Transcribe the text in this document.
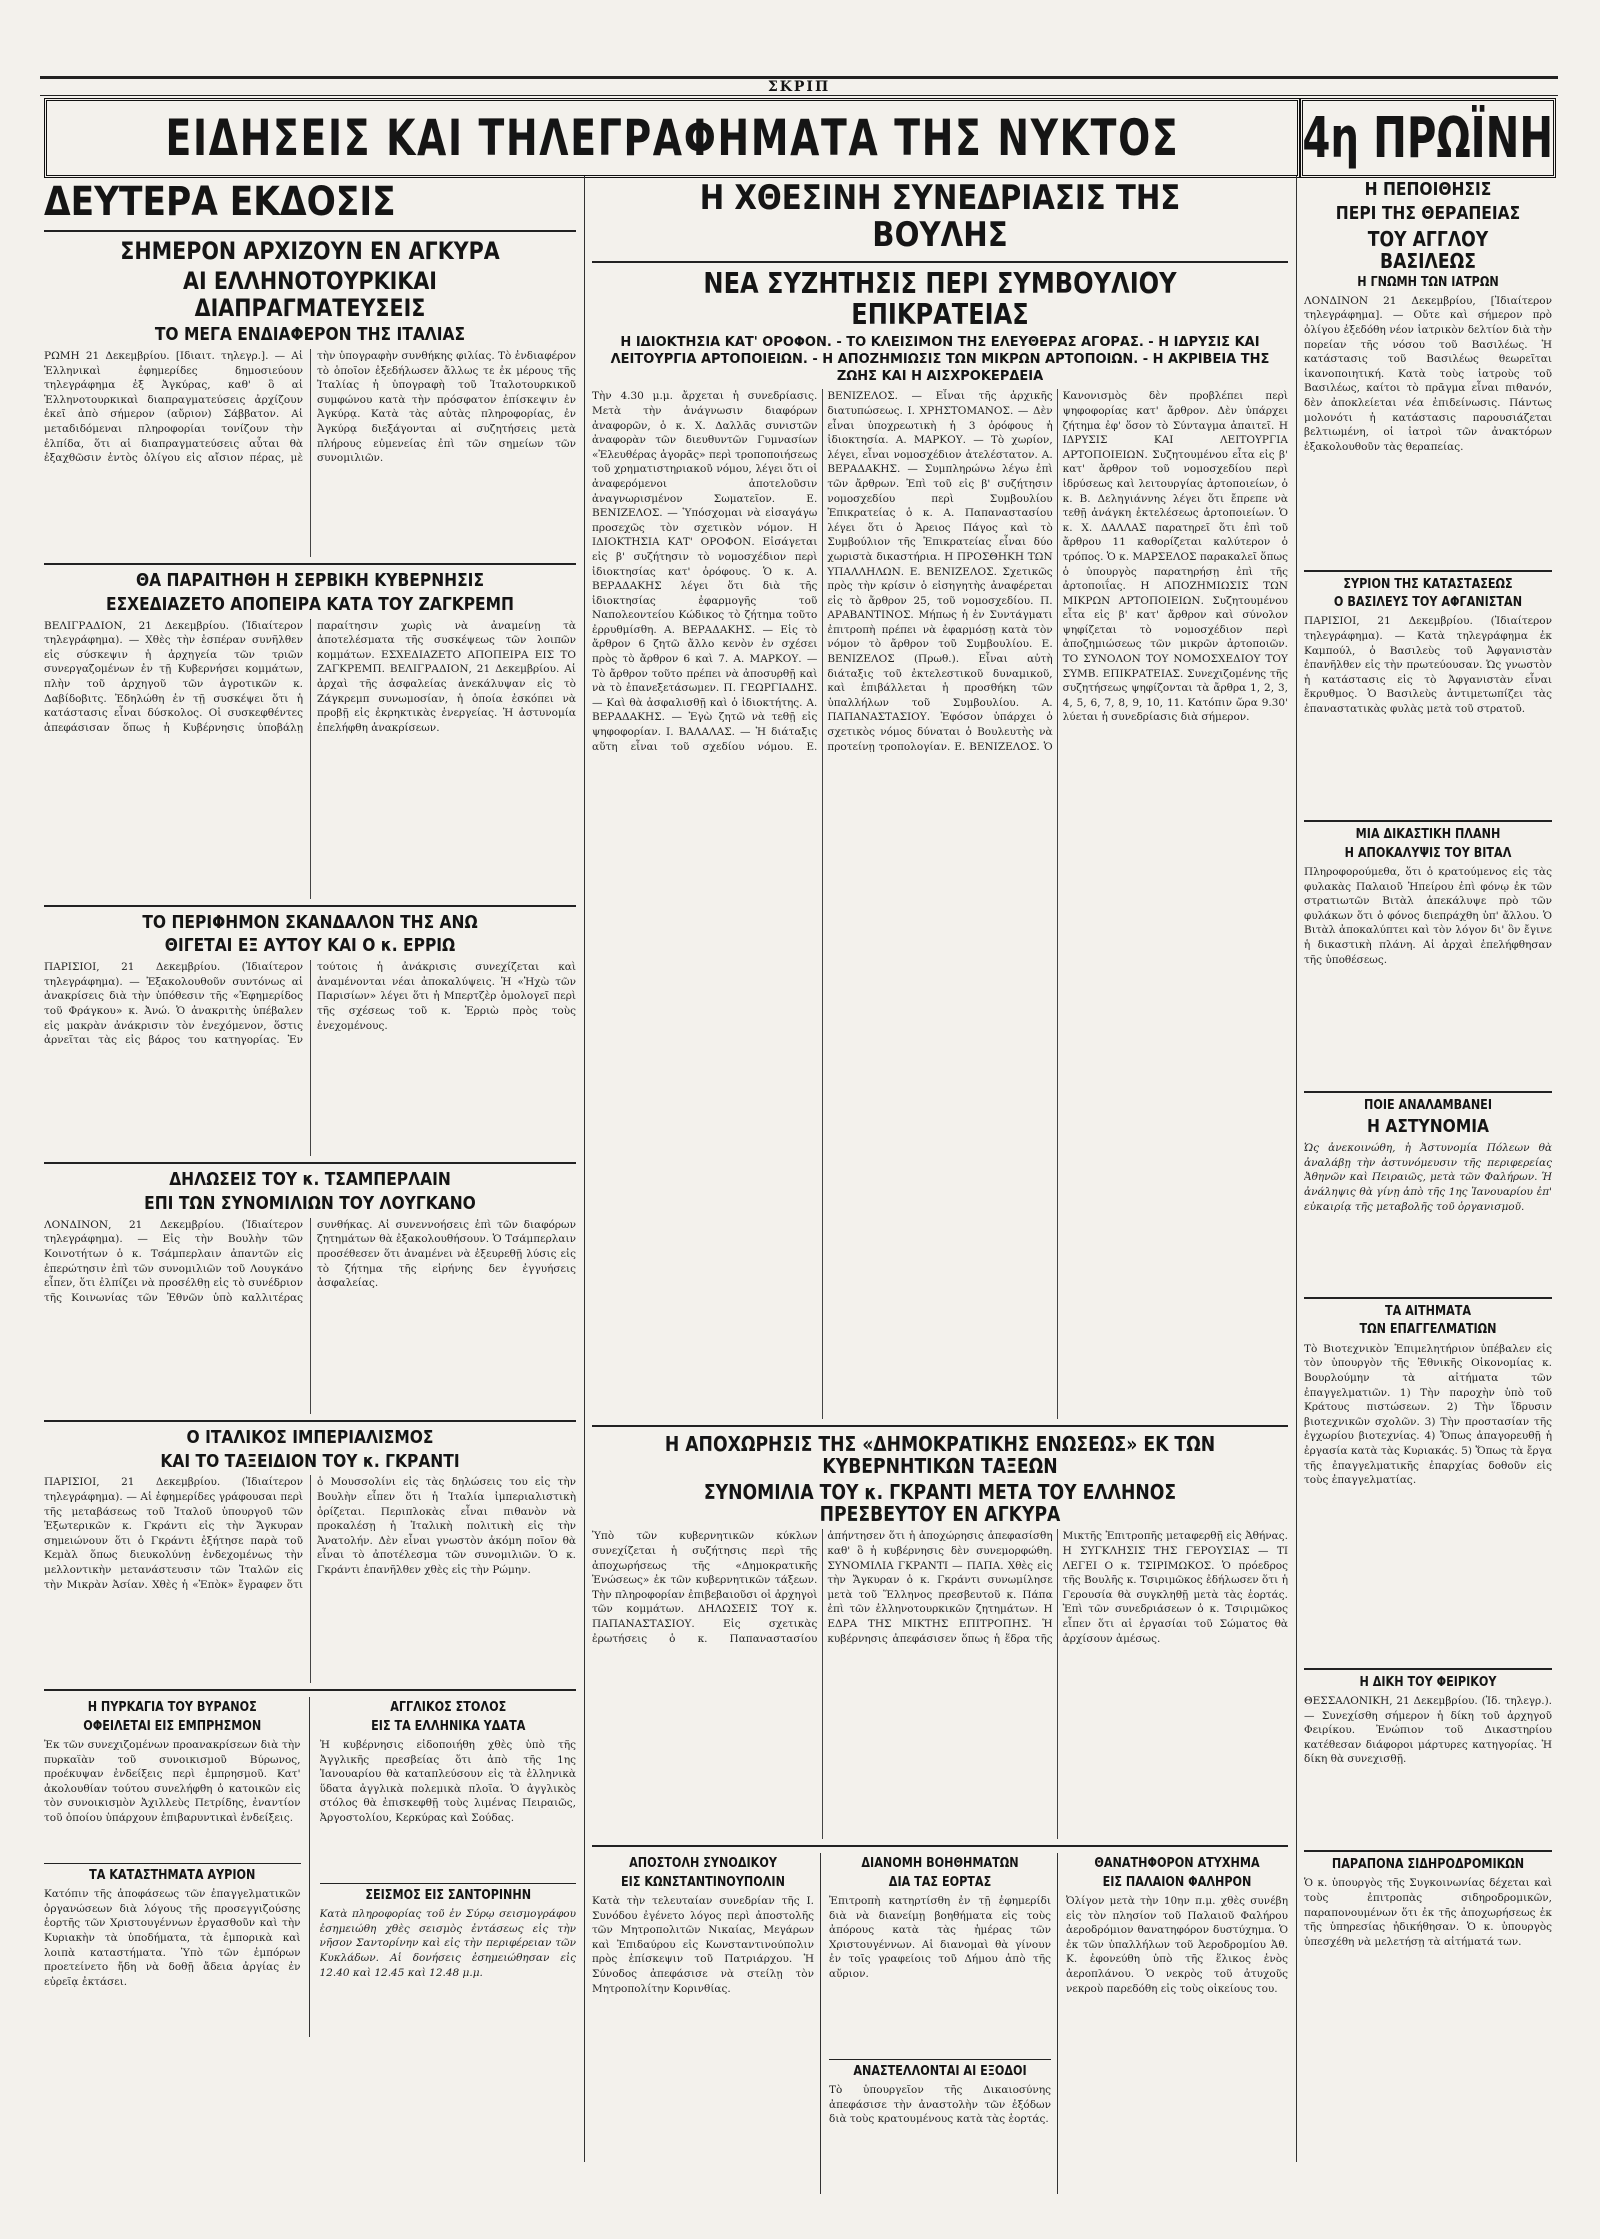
ΣΚΡΙΠ
ΕΙΔΗΣΕΙΣ ΚΑΙ ΤΗΛΕΓΡΑΦΗΜΑΤΑ ΤΗΣ ΝΥΚΤΟΣ 4η ΠΡΩΪΝΗ
ΔΕΥΤΕΡΑ ΕΚΔΟΣΙΣ
ΣΗΜΕΡΟΝ ΑΡΧΙΖΟΥΝ ΕΝ ΑΓΚΥΡΑ
ΑΙ ΕΛΛΗΝΟΤΟΥΡΚΙΚΑΙ ΔΙΑΠΡΑΓΜΑΤΕΥΣΕΙΣ
ΤΟ ΜΕΓΑ ΕΝΔΙΑΦΕΡΟΝ ΤΗΣ ΙΤΑΛΙΑΣ
ΡΩΜΗ 21 Δεκεμβρίου. [Ιδιαιτ. τηλεγρ.]. — Αἱ Ἑλληνικαὶ ἐφημερίδες δημοσιεύουν τηλεγράφημα ἐξ Ἀγκύρας, καθ' ὃ αἱ Ἑλληνοτουρκικαὶ διαπραγματεύσεις ἀρχίζουν ἐκεῖ ἀπὸ σήμερον (αὔριον) Σάββατον. Αἱ μεταδιδόμεναι πληροφορίαι τονίζουν τὴν ἐλπίδα, ὅτι αἱ διαπραγματεύσεις αὗται θὰ ἐξαχθῶσιν ἐντὸς ὀλίγου εἰς αἴσιον πέρας, μὲ τὴν ὑπογραφὴν συνθήκης φιλίας. Τὸ ἐνδιαφέρον τὸ ὁποῖον ἐξεδήλωσεν ἄλλως τε ἐκ μέρους τῆς Ἰταλίας ἡ ὑπογραφὴ τοῦ Ἰταλοτουρκικοῦ συμφώνου κατὰ τὴν πρόσφατον ἐπίσκεψιν ἐν Ἀγκύρᾳ. Κατὰ τὰς αὐτὰς πληροφορίας, ἐν Ἀγκύρᾳ διεξάγονται αἱ συζητήσεις μετὰ πλήρους εὐμενείας ἐπὶ τῶν σημείων τῶν συνομιλιῶν.
ΘΑ ΠΑΡΑΙΤΗΘΗ Η ΣΕΡΒΙΚΗ ΚΥΒΕΡΝΗΣΙΣ
ΕΣΧΕΔΙΑΖΕΤΟ ΑΠΟΠΕΙΡΑ ΚΑΤΑ ΤΟΥ ΖΑΓΚΡΕΜΠ
ΒΕΛΙΓΡΑΔΙΟΝ, 21 Δεκεμβρίου. (Ἰδιαίτερον τηλεγράφημα). — Χθὲς τὴν ἑσπέραν συνῆλθεν εἰς σύσκεψιν ἡ ἀρχηγεία τῶν τριῶν συνεργαζομένων ἐν τῇ Κυβερνήσει κομμάτων, πλὴν τοῦ ἀρχηγοῦ τῶν ἀγροτικῶν κ. Δαβίδοβιτς. Ἐδηλώθη ἐν τῇ συσκέψει ὅτι ἡ κατάστασις εἶναι δύσκολος. Οἱ συσκεφθέντες ἀπεφάσισαν ὅπως ἡ Κυβέρνησις ὑποβάλῃ παραίτησιν χωρὶς νὰ ἀναμείνῃ τὰ ἀποτελέσματα τῆς συσκέψεως τῶν λοιπῶν κομμάτων. ΕΣΧΕΔΙΑΖΕΤΟ ΑΠΟΠΕΙΡΑ ΕΙΣ ΤΟ ΖΑΓΚΡΕΜΠ. ΒΕΛΙΓΡΑΔΙΟΝ, 21 Δεκεμβρίου. Αἱ ἀρχαὶ τῆς ἀσφαλείας ἀνεκάλυψαν εἰς τὸ Ζάγκρεμπ συνωμοσίαν, ἡ ὁποία ἐσκόπει νὰ προβῇ εἰς ἐκρηκτικὰς ἐνεργείας. Ἡ ἀστυνομία ἐπελήφθη ἀνακρίσεων.
ΤΟ ΠΕΡΙΦΗΜΟΝ ΣΚΑΝΔΑΛΟΝ ΤΗΣ ΑΝΩ
ΘΙΓΕΤΑΙ ΕΞ ΑΥΤΟΥ ΚΑΙ Ο κ. ΕΡΡΙΩ
ΠΑΡΙΣΙΟΙ, 21 Δεκεμβρίου. (Ἰδιαίτερον τηλεγράφημα). — Ἐξακολουθοῦν συντόνως αἱ ἀνακρίσεις διὰ τὴν ὑπόθεσιν τῆς «Ἐφημερίδος τοῦ Φράγκου» κ. Ἀνώ. Ὁ ἀνακριτὴς ὑπέβαλεν εἰς μακρὰν ἀνάκρισιν τὸν ἐνεχόμενον, ὅστις ἀρνεῖται τὰς εἰς βάρος του κατηγορίας. Ἐν τούτοις ἡ ἀνάκρισις συνεχίζεται καὶ ἀναμένονται νέαι ἀποκαλύψεις. Ἡ «Ἡχὼ τῶν Παρισίων» λέγει ὅτι ἡ Μπερτζὲρ ὁμολογεῖ περὶ τῆς σχέσεως τοῦ κ. Ἐρριὼ πρὸς τοὺς ἐνεχομένους.
ΔΗΛΩΣΕΙΣ ΤΟΥ κ. ΤΣΑΜΠΕΡΛΑΙΝ
ΕΠΙ ΤΩΝ ΣΥΝΟΜΙΛΙΩΝ ΤΟΥ ΛΟΥΓΚΑΝΟ
ΛΟΝΔΙΝΟΝ, 21 Δεκεμβρίου. (Ἰδιαίτερον τηλεγράφημα). — Εἰς τὴν Βουλὴν τῶν Κοινοτήτων ὁ κ. Τσάμπερλαιν ἀπαντῶν εἰς ἐπερώτησιν ἐπὶ τῶν συνομιλιῶν τοῦ Λουγκάνο εἶπεν, ὅτι ἐλπίζει νὰ προσέλθῃ εἰς τὸ συνέδριον τῆς Κοινωνίας τῶν Ἐθνῶν ὑπὸ καλλιτέρας συνθήκας. Αἱ συνεννοήσεις ἐπὶ τῶν διαφόρων ζητημάτων θὰ ἐξακολουθήσουν. Ὁ Τσάμπερλαιν προσέθεσεν ὅτι ἀναμένει νὰ ἐξευρεθῇ λύσις εἰς τὸ ζήτημα τῆς εἰρήνης δεν ἐγγυήσεις ἀσφαλείας.
Ο ΙΤΑΛΙΚΟΣ ΙΜΠΕΡΙΑΛΙΣΜΟΣ
ΚΑΙ ΤΟ ΤΑΞΕΙΔΙΟΝ ΤΟΥ κ. ΓΚΡΑΝΤΙ
ΠΑΡΙΣΙΟΙ, 21 Δεκεμβρίου. (Ἰδιαίτερον τηλεγράφημα). — Αἱ ἐφημερίδες γράφουσαι περὶ τῆς μεταβάσεως τοῦ Ἰταλοῦ ὑπουργοῦ τῶν Ἐξωτερικῶν κ. Γκράντι εἰς τὴν Ἄγκυραν σημειώνουν ὅτι ὁ Γκράντι ἐξήτησε παρὰ τοῦ Κεμὰλ ὅπως διευκολύνῃ ἐνδεχομένως τὴν μελλοντικὴν μετανάστευσιν τῶν Ἰταλῶν εἰς τὴν Μικρὰν Ἀσίαν. Χθὲς ἡ «Ἐπὸκ» ἔγραφεν ὅτι ὁ Μουσσολίνι εἰς τὰς δηλώσεις του εἰς τὴν Βουλὴν εἶπεν ὅτι ἡ Ἰταλία ἰμπεριαλιστικὴ ὁρίζεται. Περιπλοκὰς εἶναι πιθανὸν νὰ προκαλέσῃ ἡ Ἰταλικὴ πολιτικὴ εἰς τὴν Ἀνατολήν. Δὲν εἶναι γνωστὸν ἀκόμη ποῖον θὰ εἶναι τὸ ἀποτέλεσμα τῶν συνομιλιῶν. Ὁ κ. Γκράντι ἐπανῆλθεν χθὲς εἰς τὴν Ρώμην.
Η ΠΥΡΚΑΓΙΑ ΤΟΥ ΒΥΡΑΝΟΣ
ΟΦΕΙΛΕΤΑΙ ΕΙΣ ΕΜΠΡΗΣΜΟΝ
Ἐκ τῶν συνεχιζομένων προανακρίσεων διὰ τὴν πυρκαϊὰν τοῦ συνοικισμοῦ Βύρωνος, προέκυψαν ἐνδείξεις περὶ ἐμπρησμοῦ. Κατ' ἀκολουθίαν τούτου συνελήφθη ὁ κατοικῶν εἰς τὸν συνοικισμὸν Ἀχιλλεὺς Πετρίδης, ἐναντίον τοῦ ὁποίου ὑπάρχουν ἐπιβαρυντικαὶ ἐνδείξεις.
ΤΑ ΚΑΤΑΣΤΗΜΑΤΑ ΑΥΡΙΟΝ
Κατόπιν τῆς ἀποφάσεως τῶν ἐπαγγελματικῶν ὀργανώσεων διὰ λόγους τῆς προσεγγιζούσης ἑορτῆς τῶν Χριστουγέννων ἐργασθοῦν καὶ τὴν Κυριακὴν τὰ ὑποδήματα, τὰ ἐμπορικὰ καὶ λοιπὰ καταστήματα. Ὑπὸ τῶν ἐμπόρων προετείνετο ἤδη νὰ δοθῇ ἄδεια ἀργίας ἐν εὐρεῖᾳ ἐκτάσει.
ΑΓΓΛΙΚΟΣ ΣΤΟΛΟΣ
ΕΙΣ ΤΑ ΕΛΛΗΝΙΚΑ ΥΔΑΤΑ
Ἡ κυβέρνησις εἰδοποιήθη χθὲς ὑπὸ τῆς Ἀγγλικῆς πρεσβείας ὅτι ἀπὸ τῆς 1ης Ἰανουαρίου θὰ καταπλεύσουν εἰς τὰ ἑλληνικὰ ὕδατα ἀγγλικὰ πολεμικὰ πλοῖα. Ὁ ἀγγλικὸς στόλος θὰ ἐπισκεφθῇ τοὺς λιμένας Πειραιῶς, Ἀργοστολίου, Κερκύρας καὶ Σούδας.
ΣΕΙΣΜΟΣ ΕΙΣ ΣΑΝΤΟΡΙΝΗΝ
Κατὰ πληροφορίας τοῦ ἐν Σύρῳ σεισμογράφου ἐσημειώθη χθὲς σεισμὸς ἐντάσεως εἰς τὴν νῆσον Σαντορίνην καὶ εἰς τὴν περιφέρειαν τῶν Κυκλάδων. Αἱ δονήσεις ἐσημειώθησαν εἰς 12.40 καὶ 12.45 καὶ 12.48 μ.μ.
Η ΧΘΕΣΙΝΗ ΣΥΝΕΔΡΙΑΣΙΣ ΤΗΣ ΒΟΥΛΗΣ
ΝΕΑ ΣΥΖΗΤΗΣΙΣ ΠΕΡΙ ΣΥΜΒΟΥΛΙΟΥ ΕΠΙΚΡΑΤΕΙΑΣ
Η ΙΔΙΟΚΤΗΣΙΑ ΚΑΤ' ΟΡΟΦΟΝ. - ΤΟ ΚΛΕΙΣΙΜΟΝ ΤΗΣ ΕΛΕΥΘΕΡΑΣ ΑΓΟΡΑΣ. - Η ΙΔΡΥΣΙΣ ΚΑΙ ΛΕΙΤΟΥΡΓΙΑ ΑΡΤΟΠΟΙΕΙΩΝ. - Η ΑΠΟΖΗΜΙΩΣΙΣ ΤΩΝ ΜΙΚΡΩΝ ΑΡΤΟΠΟΙΩΝ. - Η ΑΚΡΙΒΕΙΑ ΤΗΣ ΖΩΗΣ ΚΑΙ Η ΑΙΣΧΡΟΚΕΡΔΕΙΑ
Τὴν 4.30 μ.μ. ἄρχεται ἡ συνεδρίασις. Μετὰ τὴν ἀνάγνωσιν διαφόρων ἀναφορῶν, ὁ κ. Χ. Δαλλᾶς συνιστῶν ἀναφορὰν τῶν διευθυντῶν Γυμνασίων «Ἐλευθέρας ἀγορᾶς» περὶ τροποποιήσεως τοῦ χρηματιστηριακοῦ νόμου, λέγει ὅτι οἱ ἀναφερόμενοι ἀποτελοῦσιν ἀναγνωρισμένον Σωματεῖον. Ε. ΒΕΝΙΖΕΛΟΣ. — Ὑπόσχομαι νὰ εἰσαγάγω προσεχῶς τὸν σχετικὸν νόμον. Η ΙΔΙΟΚΤΗΣΙΑ ΚΑΤ' ΟΡΟΦΟΝ. Εἰσάγεται εἰς β' συζήτησιν τὸ νομοσχέδιον περὶ ἰδιοκτησίας κατ' ὀρόφους. Ὁ κ. Α. ΒΕΡΑΔΑΚΗΣ λέγει ὅτι διὰ τῆς ἰδιοκτησίας ἐφαρμογῆς τοῦ Ναπολεοντείου Κώδικος τὸ ζήτημα τοῦτο ἐρρυθμίσθη. Α. ΒΕΡΑΔΑΚΗΣ. — Εἰς τὸ ἄρθρον 6 ζητῶ ἄλλο κενὸν ἐν σχέσει πρὸς τὸ ἄρθρον 6 καὶ 7. Α. ΜΑΡΚΟΥ. — Τὸ ἄρθρον τοῦτο πρέπει νὰ ἀποσυρθῇ καὶ νὰ τὸ ἐπανεξετάσωμεν. Π. ΓΕΩΡΓΙΑΔΗΣ. — Καὶ θὰ ἀσφαλισθῇ καὶ ὁ ἰδιοκτήτης. Α. ΒΕΡΑΔΑΚΗΣ. — Ἐγὼ ζητῶ νὰ τεθῇ εἰς ψηφοφορίαν. Ι. ΒΑΛΑΛΑΣ. — Ἡ διάταξις αὕτη εἶναι τοῦ σχεδίου νόμου. Ε. ΒΕΝΙΖΕΛΟΣ. — Εἶναι τῆς ἀρχικῆς διατυπώσεως. Ι. ΧΡΗΣΤΟΜΑΝΟΣ. — Δὲν εἶναι ὑποχρεωτικὴ ἡ 3 ὀρόφους ἡ ἰδιοκτησία. Α. ΜΑΡΚΟΥ. — Τὸ χωρίον, λέγει, εἶναι νομοσχέδιον ἀτελέστατον. Α. ΒΕΡΑΔΑΚΗΣ. — Συμπληρώνω λέγω ἐπὶ τῶν ἄρθρων. Ἐπὶ τοῦ εἰς β' συζήτησιν νομοσχεδίου περὶ Συμβουλίου Ἐπικρατείας ὁ κ. Α. Παπαναστασίου λέγει ὅτι ὁ Ἀρειος Πάγος καὶ τὸ Συμβούλιον τῆς Ἐπικρατείας εἶναι δύο χωριστὰ δικαστήρια. Η ΠΡΟΣΘΗΚΗ ΤΩΝ ΥΠΑΛΛΗΛΩΝ. Ε. ΒΕΝΙΖΕΛΟΣ. Σχετικῶς πρὸς τὴν κρίσιν ὁ εἰσηγητὴς ἀναφέρεται εἰς τὸ ἄρθρον 25, τοῦ νομοσχεδίου. Π. ΑΡΑΒΑΝΤΙΝΟΣ. Μήπως ἡ ἐν Συντάγματι ἐπιτροπὴ πρέπει νὰ ἐφαρμόσῃ κατὰ τὸν νόμον τὸ ἄρθρον τοῦ Συμβουλίου. Ε. ΒΕΝΙΖΕΛΟΣ (Πρωθ.). Εἶναι αὐτὴ διάταξις τοῦ ἐκτελεστικοῦ δυναμικοῦ, καὶ ἐπιβάλλεται ἡ προσθήκη τῶν ὑπαλλήλων τοῦ Συμβουλίου. Α. ΠΑΠΑΝΑΣΤΑΣΙΟΥ. Ἐφόσον ὑπάρχει ὁ σχετικὸς νόμος δύναται ὁ Βουλευτὴς νὰ προτείνῃ τροπολογίαν. Ε. ΒΕΝΙΖΕΛΟΣ. Ὁ Κανονισμὸς δὲν προβλέπει περὶ ψηφοφορίας κατ' ἄρθρον. Δὲν ὑπάρχει ζήτημα ἐφ' ὅσον τὸ Σύνταγμα ἀπαιτεῖ. Η ΙΔΡΥΣΙΣ ΚΑΙ ΛΕΙΤΟΥΡΓΙΑ ΑΡΤΟΠΟΙΕΙΩΝ. Συζητουμένου εἶτα εἰς β' κατ' ἄρθρον τοῦ νομοσχεδίου περὶ ἱδρύσεως καὶ λειτουργίας ἀρτοποιείων, ὁ κ. Β. Δεληγιάννης λέγει ὅτι ἔπρεπε νὰ τεθῇ ἀνάγκη ἐκτελέσεως ἀρτοποιείων. Ὁ κ. Χ. ΔΑΛΛΑΣ παρατηρεῖ ὅτι ἐπὶ τοῦ ἄρθρου 11 καθορίζεται καλύτερον ὁ τρόπος. Ὁ κ. ΜΑΡΣΕΛΟΣ παρακαλεῖ ὅπως ὁ ὑπουργὸς παρατηρήσῃ ἐπὶ τῆς ἀρτοποιΐας. Η ΑΠΟΖΗΜΙΩΣΙΣ ΤΩΝ ΜΙΚΡΩΝ ΑΡΤΟΠΟΙΕΙΩΝ. Συζητουμένου εἶτα εἰς β' κατ' ἄρθρον καὶ σύνολον ψηφίζεται τὸ νομοσχέδιον περὶ ἀποζημιώσεως τῶν μικρῶν ἀρτοποιῶν. ΤΟ ΣΥΝΟΛΟΝ ΤΟΥ ΝΟΜΟΣΧΕΔΙΟΥ ΤΟΥ ΣΥΜΒ. ΕΠΙΚΡΑΤΕΙΑΣ. Συνεχιζομένης τῆς συζητήσεως ψηφίζονται τὰ ἄρθρα 1, 2, 3, 4, 5, 6, 7, 8, 9, 10, 11. Κατόπιν ὥρα 9.30' λύεται ἡ συνεδρίασις διὰ σήμερον.
Η ΑΠΟΧΩΡΗΣΙΣ ΤΗΣ «ΔΗΜΟΚΡΑΤΙΚΗΣ ΕΝΩΣΕΩΣ» ΕΚ ΤΩΝ ΚΥΒΕΡΝΗΤΙΚΩΝ ΤΑΞΕΩΝ
ΣΥΝΟΜΙΛΙΑ ΤΟΥ κ. ΓΚΡΑΝΤΙ ΜΕΤΑ ΤΟΥ ΕΛΛΗΝΟΣ ΠΡΕΣΒΕΥΤΟΥ ΕΝ ΑΓΚΥΡΑ
Ὑπὸ τῶν κυβερνητικῶν κύκλων συνεχίζεται ἡ συζήτησις περὶ τῆς ἀποχωρήσεως τῆς «Δημοκρατικῆς Ἑνώσεως» ἐκ τῶν κυβερνητικῶν τάξεων. Τὴν πληροφορίαν ἐπιβεβαιοῦσι οἱ ἀρχηγοὶ τῶν κομμάτων. ΔΗΛΩΣΕΙΣ ΤΟΥ κ. ΠΑΠΑΝΑΣΤΑΣΙΟΥ. Εἰς σχετικὰς ἐρωτήσεις ὁ κ. Παπαναστασίου ἀπήντησεν ὅτι ἡ ἀποχώρησις ἀπεφασίσθη καθ' ὃ ἡ κυβέρνησις δὲν συνεμορφώθη. ΣΥΝΟΜΙΛΙΑ ΓΚΡΑΝΤΙ — ΠΑΠΑ. Χθὲς εἰς τὴν Ἄγκυραν ὁ κ. Γκράντι συνωμίλησε μετὰ τοῦ Ἕλληνος πρεσβευτοῦ κ. Πάπα ἐπὶ τῶν ἐλληνοτουρκικῶν ζητημάτων. Η ΕΔΡΑ ΤΗΣ ΜΙΚΤΗΣ ΕΠΙΤΡΟΠΗΣ. Ἡ κυβέρνησις ἀπεφάσισεν ὅπως ἡ ἕδρα τῆς Μικτῆς Ἐπιτροπῆς μεταφερθῇ εἰς Ἀθήνας. Η ΣΥΓΚΛΗΣΙΣ ΤΗΣ ΓΕΡΟΥΣΙΑΣ — ΤΙ ΛΕΓΕΙ Ο κ. ΤΣΙΡΙΜΩΚΟΣ. Ὁ πρόεδρος τῆς Βουλῆς κ. Τσιριμῶκος ἐδήλωσεν ὅτι ἡ Γερουσία θὰ συγκληθῇ μετὰ τὰς ἑορτάς. Ἐπὶ τῶν συνεδριάσεων ὁ κ. Τσιριμῶκος εἶπεν ὅτι αἱ ἐργασίαι τοῦ Σώματος θὰ ἀρχίσουν ἀμέσως.
ΑΠΟΣΤΟΛΗ ΣΥΝΟΔΙΚΟΥ
ΕΙΣ ΚΩΝΣΤΑΝΤΙΝΟΥΠΟΛΙΝ
Κατὰ τὴν τελευταίαν συνεδρίαν τῆς Ι. Συνόδου ἐγένετο λόγος περὶ ἀποστολῆς τῶν Μητροπολιτῶν Νικαίας, Μεγάρων καὶ Ἐπιδαύρου εἰς Κωνσταντινούπολιν πρὸς ἐπίσκεψιν τοῦ Πατριάρχου. Ἡ Σύνοδος ἀπεφάσισε νὰ στείλῃ τὸν Μητροπολίτην Κορινθίας.
ΔΙΑΝΟΜΗ ΒΟΗΘΗΜΑΤΩΝ
ΔΙΑ ΤΑΣ ΕΟΡΤΑΣ
Ἐπιτροπὴ κατηρτίσθη ἐν τῇ ἐφημερίδι διὰ νὰ διανείμῃ βοηθήματα εἰς τοὺς ἀπόρους κατὰ τὰς ἡμέρας τῶν Χριστουγέννων. Αἱ διανομαὶ θὰ γίνουν ἐν τοῖς γραφείοις τοῦ Δήμου ἀπὸ τῆς αὔριον.
ΑΝΑΣΤΕΛΛΟΝΤΑΙ ΑΙ ΕΞΟΔΟΙ
Τὸ ὑπουργεῖον τῆς Δικαιοσύνης ἀπεφάσισε τὴν ἀναστολὴν τῶν ἐξόδων διὰ τοὺς κρατουμένους κατὰ τὰς ἑορτάς.
ΘΑΝΑΤΗΦΟΡΟΝ ΑΤΥΧΗΜΑ
ΕΙΣ ΠΑΛΑΙΟΝ ΦΑΛΗΡΟΝ
Ὀλίγον μετὰ τὴν 10ην π.μ. χθὲς συνέβη εἰς τὸν πλησίον τοῦ Παλαιοῦ Φαλήρου ἀεροδρόμιον θανατηφόρον δυστύχημα. Ὁ ἐκ τῶν ὑπαλλήλων τοῦ Ἀεροδρομίου Ἀθ. Κ. ἐφονεύθη ὑπὸ τῆς ἕλικος ἑνὸς ἀεροπλάνου. Ὁ νεκρὸς τοῦ ἀτυχοῦς νεκροὺ παρεδόθη εἰς τοὺς οἰκείους του.
Η ΠΕΠΟΙΘΗΣΙΣ
ΠΕΡΙ ΤΗΣ ΘΕΡΑΠΕΙΑΣ
ΤΟΥ ΑΓΓΛΟΥ ΒΑΣΙΛΕΩΣ
Η ΓΝΩΜΗ ΤΩΝ ΙΑΤΡΩΝ
ΛΟΝΔΙΝΟΝ 21 Δεκεμβρίου, [Ἰδιαίτερον τηλεγράφημα]. — Οὔτε καὶ σήμερον πρὸ ὀλίγου ἐξεδόθη νέον ἰατρικὸν δελτίον διὰ τὴν πορείαν τῆς νόσου τοῦ Βασιλέως. Ἡ κατάστασις τοῦ Βασιλέως θεωρεῖται ἱκανοποιητική. Κατὰ τοὺς ἰατροὺς τοῦ Βασιλέως, καίτοι τὸ πρᾶγμα εἶναι πιθανόν, δὲν ἀποκλείεται νέα ἐπιδείνωσις. Πάντως μολονότι ἡ κατάστασις παρουσιάζεται βελτιωμένη, οἱ ἰατροὶ τῶν ἀνακτόρων ἐξακολουθοῦν τὰς θεραπείας.
ΣΥΡΙΟΝ ΤΗΣ ΚΑΤΑΣΤΑΣΕΩΣ
Ο ΒΑΣΙΛΕΥΣ ΤΟΥ ΑΦΓΑΝΙΣΤΑΝ
ΠΑΡΙΣΙΟΙ, 21 Δεκεμβρίου. (Ἰδιαίτερον τηλεγράφημα). — Κατὰ τηλεγράφημα ἐκ Καμπούλ, ὁ Βασιλεὺς τοῦ Ἀφγανιστὰν ἐπανῆλθεν εἰς τὴν πρωτεύουσαν. Ὡς γνωστὸν ἡ κατάστασις εἰς τὸ Ἀφγανιστὰν εἶναι ἔκρυθμος. Ὁ Βασιλεὺς ἀντιμετωπίζει τὰς ἐπαναστατικὰς φυλὰς μετὰ τοῦ στρατοῦ.
ΜΙΑ ΔΙΚΑΣΤΙΚΗ ΠΛΑΝΗ
Η ΑΠΟΚΑΛΥΨΙΣ ΤΟΥ ΒΙΤΑΛ
Πληροφορούμεθα, ὅτι ὁ κρατούμενος εἰς τὰς φυλακὰς Παλαιοῦ Ἠπείρου ἐπὶ φόνῳ ἐκ τῶν στρατιωτῶν Βιτὰλ ἀπεκάλυψε πρὸ τῶν φυλάκων ὅτι ὁ φόνος διεπράχθη ὑπ' ἄλλου. Ὁ Βιτὰλ ἀποκαλύπτει καὶ τὸν λόγον δι' ὃν ἔγινε ἡ δικαστικὴ πλάνη. Αἱ ἀρχαὶ ἐπελήφθησαν τῆς ὑποθέσεως.
ΠΟΙΕ ΑΝΑΛΑΜΒΑΝΕΙ
Η ΑΣΤΥΝΟΜΙΑ
Ὡς ἀνεκοινώθη, ἡ Ἀστυνομία Πόλεων θὰ ἀναλάβῃ τὴν ἀστυνόμευσιν τῆς περιφερείας Ἀθηνῶν καὶ Πειραιῶς, μετὰ τῶν Φαλήρων. Ἡ ἀνάληψις θὰ γίνῃ ἀπὸ τῆς 1ης Ἰανουαρίου ἐπ' εὐκαιρίᾳ τῆς μεταβολῆς τοῦ ὀργανισμοῦ.
ΤΑ ΑΙΤΗΜΑΤΑ
ΤΩΝ ΕΠΑΓΓΕΛΜΑΤΙΩΝ
Τὸ Βιοτεχνικὸν Ἐπιμελητήριον ὑπέβαλεν εἰς τὸν ὑπουργὸν τῆς Ἐθνικῆς Οἰκονομίας κ. Βουρλούμην τὰ αἰτήματα τῶν ἐπαγγελματιῶν. 1) Τὴν παροχὴν ὑπὸ τοῦ Κράτους πιστώσεων. 2) Τὴν ἵδρυσιν βιοτεχνικῶν σχολῶν. 3) Τὴν προστασίαν τῆς ἐγχωρίου βιοτεχνίας. 4) Ὅπως ἀπαγορευθῇ ἡ ἐργασία κατὰ τὰς Κυριακάς. 5) Ὅπως τὰ ἔργα τῆς ἐπαγγελματικῆς ἐπαρχίας δοθοῦν εἰς τοὺς ἐπαγγελματίας.
Η ΔΙΚΗ ΤΟΥ ΦΕΙΡΙΚΟΥ
ΘΕΣΣΑΛΟΝΙΚΗ, 21 Δεκεμβρίου. (Ἰδ. τηλεγρ.). — Συνεχίσθη σήμερον ἡ δίκη τοῦ ἀρχηγοῦ Φειρίκου. Ἐνώπιον τοῦ Δικαστηρίου κατέθεσαν διάφοροι μάρτυρες κατηγορίας. Ἡ δίκη θὰ συνεχισθῇ.
ΠΑΡΑΠΟΝΑ ΣΙΔΗΡΟΔΡΟΜΙΚΩΝ
Ὁ κ. ὑπουργὸς τῆς Συγκοινωνίας δέχεται καὶ τοὺς ἐπιτροπὰς σιδηροδρομικῶν, παραπονουμένων ὅτι ἐκ τῆς ἀποχωρήσεως ἐκ τῆς ὑπηρεσίας ἠδικήθησαν. Ὁ κ. ὑπουργὸς ὑπεσχέθη νὰ μελετήσῃ τὰ αἰτήματά των.
